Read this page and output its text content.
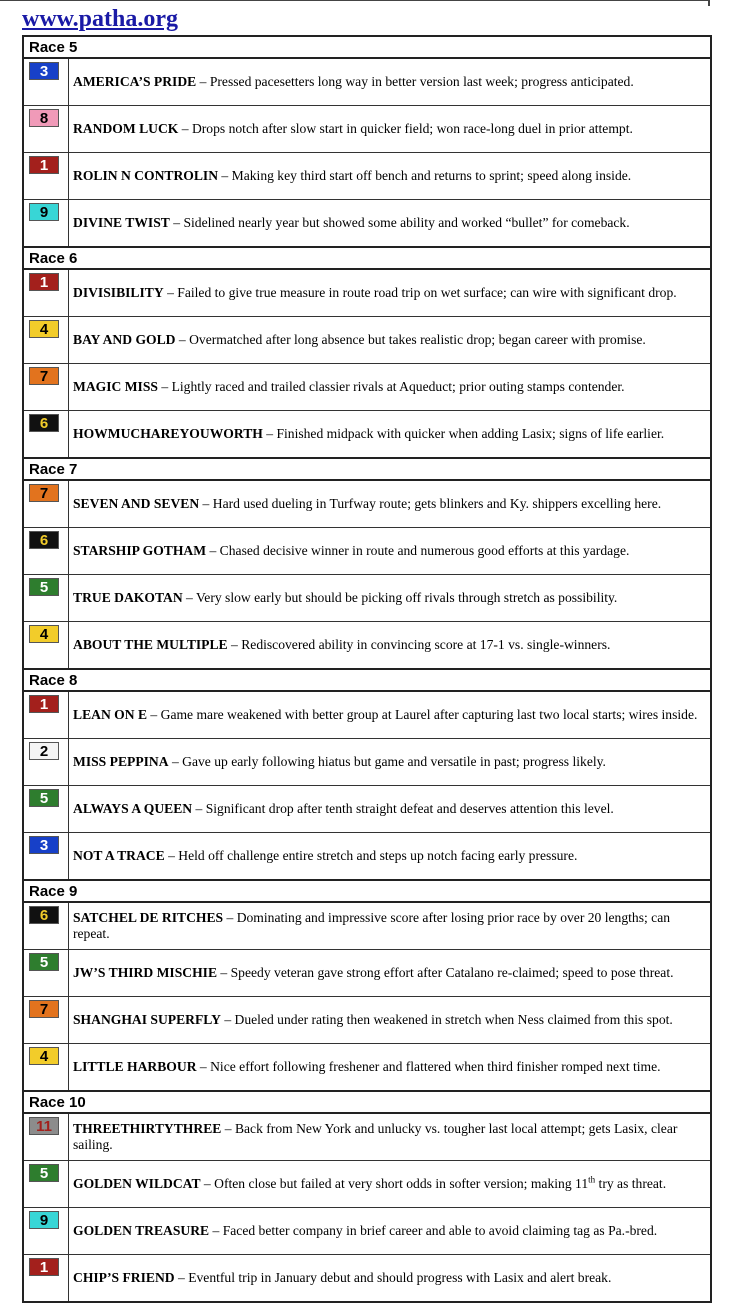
www.patha.org
Race 5	

3	AMERICA’S PRIDE – Pressed pacesetters long way in better version last week; progress anticipated.

8	RANDOM LUCK – Drops notch after slow start in quicker field; won race-long duel in prior attempt.

1	ROLIN N CONTROLIN – Making key third start off bench and returns to sprint; speed along inside.

9	DIVINE TWIST – Sidelined nearly year but showed some ability and worked “bullet” for comeback.
Race 6	

1	DIVISIBILITY – Failed to give true measure in route road trip on wet surface; can wire with significant drop.

4	BAY AND GOLD – Overmatched after long absence but takes realistic drop; began career with promise.

7	MAGIC MISS – Lightly raced and trailed classier rivals at Aqueduct; prior outing stamps contender.

6	HOWMUCHAREYOUWORTH – Finished midpack with quicker when adding Lasix; signs of life earlier.
Race 7	

7	SEVEN AND SEVEN – Hard used dueling in Turfway route; gets blinkers and Ky. shippers excelling here.

6	STARSHIP GOTHAM – Chased decisive winner in route and numerous good efforts at this yardage.

5	TRUE DAKOTAN – Very slow early but should be picking off rivals through stretch as possibility.

4	ABOUT THE MULTIPLE – Rediscovered ability in convincing score at 17-1 vs. single-winners.
Race 8	

1	LEAN ON E – Game mare weakened with better group at Laurel after capturing last two local starts; wires inside.

2	MISS PEPPINA – Gave up early following hiatus but game and versatile in past; progress likely.

5	ALWAYS A QUEEN – Significant drop after tenth straight defeat and deserves attention this level.

3	NOT A TRACE – Held off challenge entire stretch and steps up notch facing early pressure.
Race 9	

6	SATCHEL DE RITCHES – Dominating and impressive score after losing prior race by over 20 lengths; can repeat.

5	JW’S THIRD MISCHIE – Speedy veteran gave strong effort after Catalano re-claimed; speed to pose threat.

7	SHANGHAI SUPERFLY – Dueled under rating then weakened in stretch when Ness claimed from this spot.

4	LITTLE HARBOUR – Nice effort following freshener and flattered when third finisher romped next time.
Race 10	

11	THREETHIRTYTHREE – Back from New York and unlucky vs. tougher last local attempt; gets Lasix, clear sailing.

5	GOLDEN WILDCAT – Often close but failed at very short odds in softer version; making 11th try as threat.

9	GOLDEN TREASURE – Faced better company in brief career and able to avoid claiming tag as Pa.-bred.

1	CHIP’S FRIEND – Eventful trip in January debut and should progress with Lasix and alert break.
